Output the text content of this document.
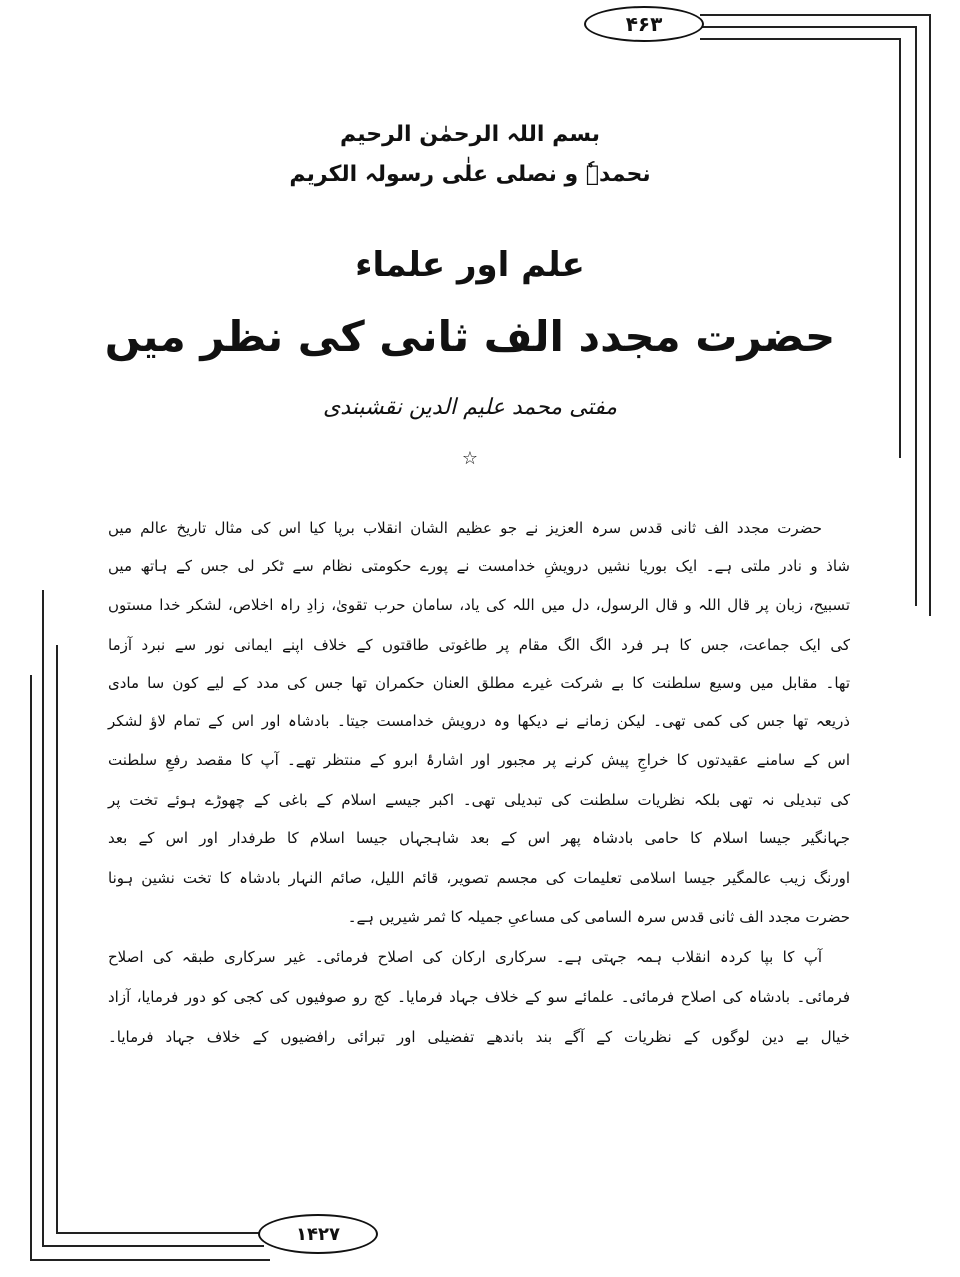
۴۶۳
۱۴۲۷
بسم اللہ الرحمٰن الرحیم
نحمدہٗ و نصلی علٰی رسولہ الکریم
علم اور علماء
حضرت مجدد الف ثانی کی نظر میں
مفتی محمد علیم الدین نقشبندی
☆
حضرت مجدد الف ثانی قدس سرہ العزیز نے جو عظیم الشان انقلاب برپا کیا اس کی مثال تاریخ عالم میں
شاذ و نادر ملتی ہے۔ ایک بوریا نشیں درویشِ خدامست نے پورے حکومتی نظام سے ٹکر لی جس کے ہاتھ میں
تسبیح، زبان پر قال اللہ و قال الرسول، دل میں اللہ کی یاد، سامان حرب تقویٰ، زادِ راہ اخلاص، لشکر خدا مستوں
کی ایک جماعت، جس کا ہر فرد الگ الگ مقام پر طاغوتی طاقتوں کے خلاف اپنے ایمانی نور سے نبرد آزما
تھا۔ مقابل میں وسیع سلطنت کا بے شرکت غیرے مطلق العنان حکمران تھا جس کی مدد کے لیے کون سا مادی
ذریعہ تھا جس کی کمی تھی۔ لیکن زمانے نے دیکھا وہ درویش خدامست جیتا۔ بادشاہ اور اس کے تمام لاؤ لشکر
اس کے سامنے عقیدتوں کا خراجِ پیش کرنے پر مجبور اور اشارۂ ابرو کے منتظر تھے۔ آپ کا مقصد رفعِ سلطنت
کی تبدیلی نہ تھی بلکہ نظریات سلطنت کی تبدیلی تھی۔ اکبر جیسے اسلام کے باغی کے چھوڑے ہوئے تخت پر
جہانگیر جیسا اسلام کا حامی بادشاہ پھر اس کے بعد شاہجہاں جیسا اسلام کا طرفدار اور اس کے بعد
اورنگ زیب عالمگیر جیسا اسلامی تعلیمات کی مجسم تصویر، قائم اللیل، صائم النہار بادشاہ کا تخت نشین ہونا
حضرت مجدد الف ثانی قدس سرہ السامی کی مساعیِ جمیلہ کا ثمر شیریں ہے۔
آپ کا بپا کردہ انقلاب ہمہ جہتی ہے۔ سرکاری ارکان کی اصلاح فرمائی۔ غیر سرکاری طبقہ کی اصلاح
فرمائی۔ بادشاہ کی اصلاح فرمائی۔ علمائے سو کے خلاف جہاد فرمایا۔ کج رو صوفیوں کی کجی کو دور فرمایا، آزاد
خیال بے دین لوگوں کے نظریات کے آگے بند باندھے تفضیلی اور تبرائی رافضیوں کے خلاف جہاد فرمایا۔
